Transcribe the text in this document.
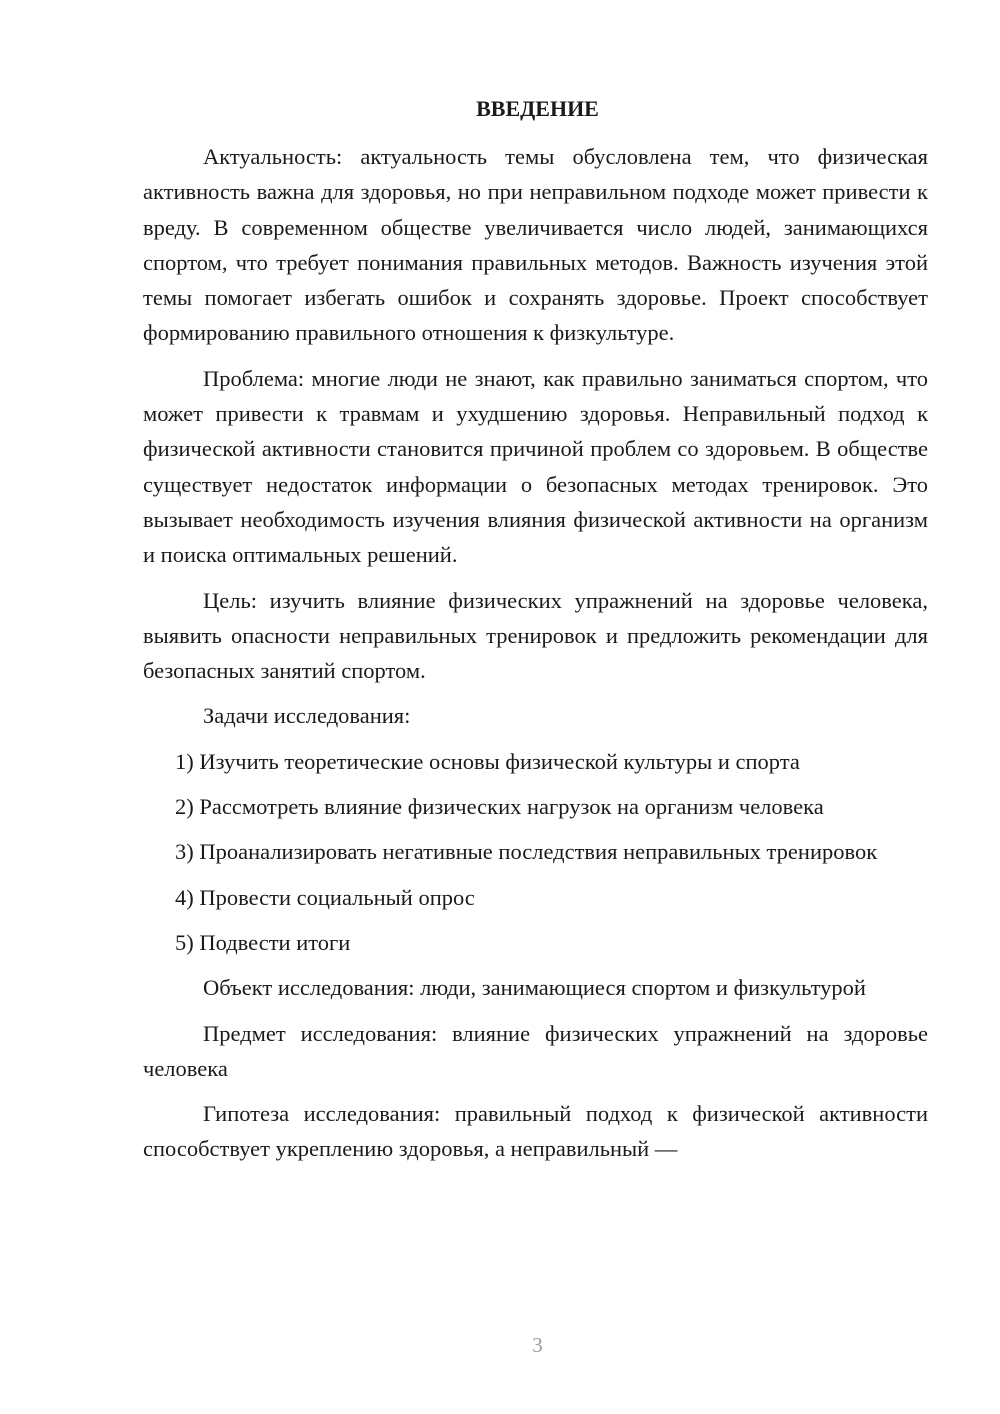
ВВЕДЕНИЕ

Актуальность: актуальность темы обусловлена тем, что физическая активность важна для здоровья, но при неправильном подходе может привести к вреду. В современном обществе увеличивается число людей, занимающихся спортом, что требует понимания правильных методов. Важность изучения этой темы помогает избегать ошибок и сохранять здоровье. Проект способствует формированию правильного отношения к физкультуре.

Проблема: многие люди не знают, как правильно заниматься спортом, что может привести к травмам и ухудшению здоровья. Неправильный подход к физической активности становится причиной проблем со здоровьем. В обществе существует недостаток информации о безопасных методах тренировок. Это вызывает необходимость изучения влияния физической активности на организм и поиска оптимальных решений.

Цель: изучить влияние физических упражнений на здоровье человека, выявить опасности неправильных тренировок и предложить рекомендации для безопасных занятий спортом.

Задачи исследования:

1) Изучить теоретические основы физической культуры и спорта

2) Рассмотреть влияние физических нагрузок на организм человека

3) Проанализировать негативные последствия неправильных тренировок

4) Провести социальный опрос

5) Подвести итоги

Объект исследования: люди, занимающиеся спортом и физкультурой

Предмет исследования: влияние физических упражнений на здоровье человека

Гипотеза исследования: правильный подход к физической активности способствует укреплению здоровья, а неправильный —

3
